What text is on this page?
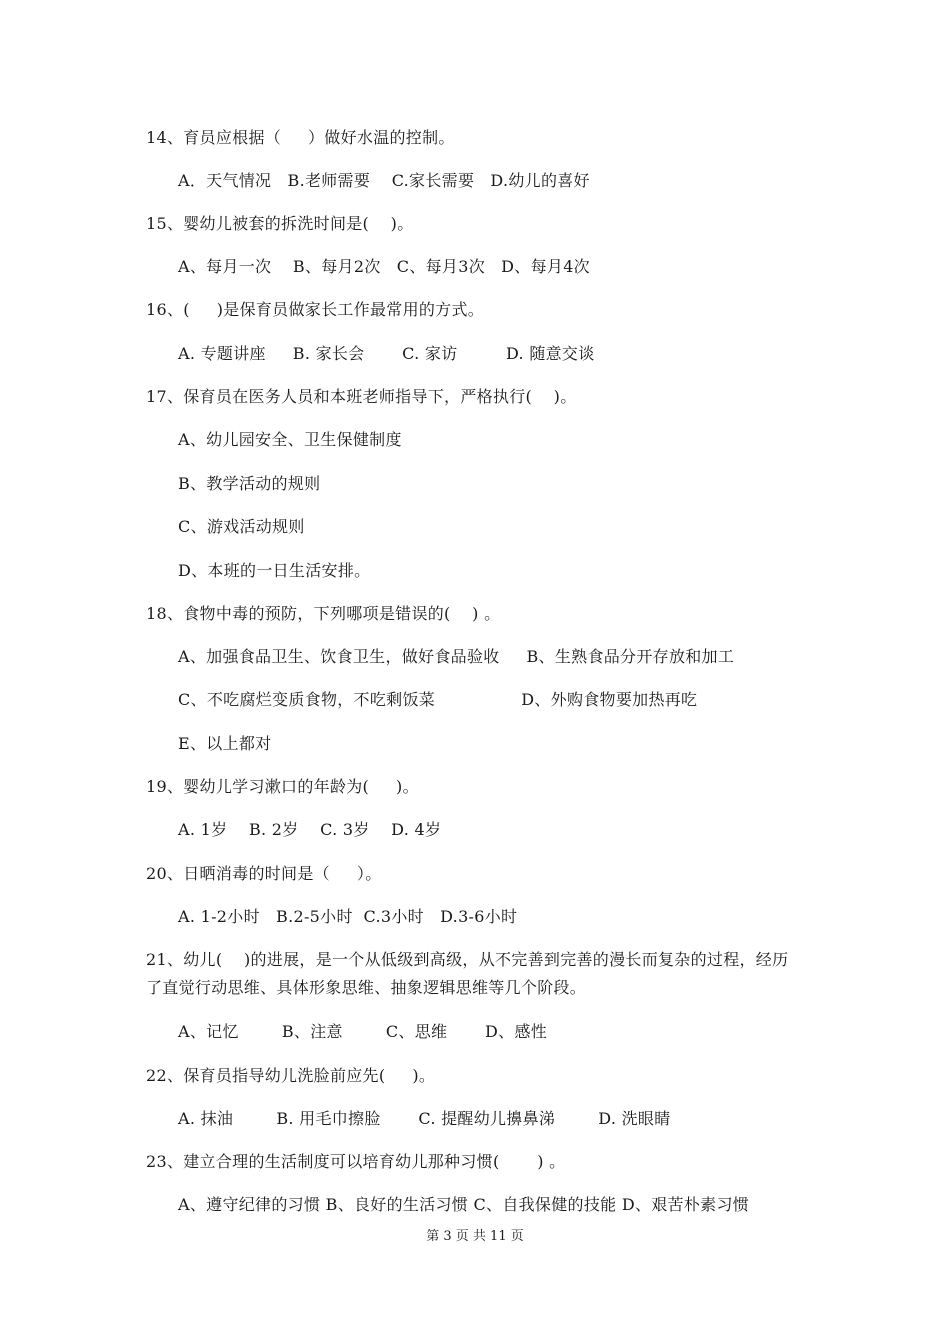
14、育员应根据（     ）做好水温的控制。
A．天气情况   B.老师需要    C.家长需要   D.幼儿的喜好
15、婴幼儿被套的拆洗时间是(    )。
A、每月一次    B、每月2次   C、每月3次   D、每月4次
16、(     )是保育员做家长工作最常用的方式。
A. 专题讲座     B. 家长会       C. 家访         D. 随意交谈
17、保育员在医务人员和本班老师指导下，严格执行(    )。
A、幼儿园安全、卫生保健制度
B、教学活动的规则
C、游戏活动规则
D、本班的一日生活安排。
18、食物中毒的预防，下列哪项是错误的(    ) 。
A、加强食品卫生、饮食卫生，做好食品验收     B、生熟食品分开存放和加工
C、不吃腐烂变质食物，不吃剩饭菜                D、外购食物要加热再吃
E、以上都对
19、婴幼儿学习漱口的年龄为(     )。
A. 1岁    B. 2岁    C. 3岁    D. 4岁
20、日晒消毒的时间是（     ）。
A. 1-2小时   B.2-5小时  C.3小时   D.3-6小时
21、幼儿(    )的进展，是一个从低级到高级，从不完善到完善的漫长而复杂的过程，经历
了直觉行动思维、具体形象思维、抽象逻辑思维等几个阶段。
A、记忆        B、注意        C、思维       D、感性
22、保育员指导幼儿洗脸前应先(     )。
A. 抹油        B. 用毛巾擦脸       C. 提醒幼儿擤鼻涕        D. 洗眼睛
23、建立合理的生活制度可以培育幼儿那种习惯(       ) 。
A、遵守纪律的习惯 B、良好的生活习惯 C、自我保健的技能 D、艰苦朴素习惯
第 3 页 共 11 页
